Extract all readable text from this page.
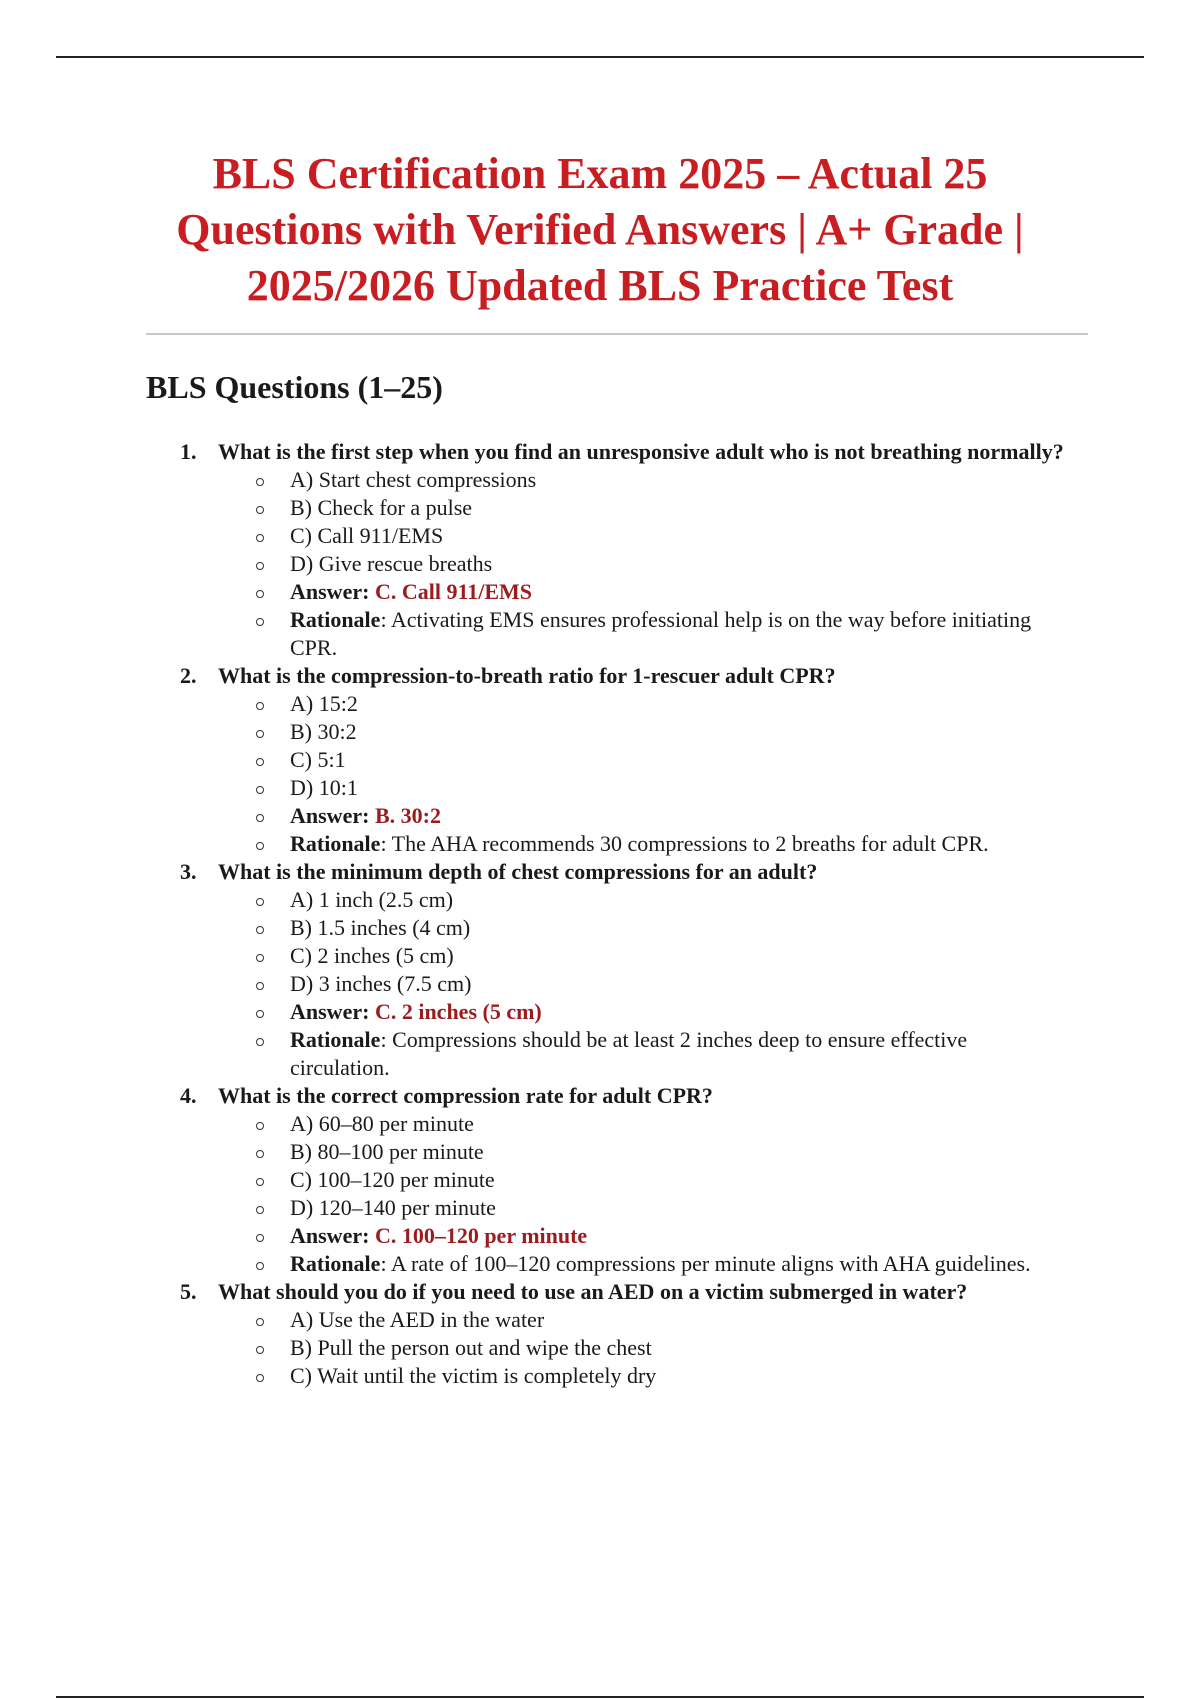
BLS Certification Exam 2025 – Actual 25 Questions with Verified Answers | A+ Grade | 2025/2026 Updated BLS Practice Test
BLS Questions (1–25)
1. What is the first step when you find an unresponsive adult who is not breathing normally?
A) Start chest compressions
B) Check for a pulse
C) Call 911/EMS
D) Give rescue breaths
Answer: C. Call 911/EMS
Rationale: Activating EMS ensures professional help is on the way before initiating CPR.
2. What is the compression-to-breath ratio for 1-rescuer adult CPR?
A) 15:2
B) 30:2
C) 5:1
D) 10:1
Answer: B. 30:2
Rationale: The AHA recommends 30 compressions to 2 breaths for adult CPR.
3. What is the minimum depth of chest compressions for an adult?
A) 1 inch (2.5 cm)
B) 1.5 inches (4 cm)
C) 2 inches (5 cm)
D) 3 inches (7.5 cm)
Answer: C. 2 inches (5 cm)
Rationale: Compressions should be at least 2 inches deep to ensure effective circulation.
4. What is the correct compression rate for adult CPR?
A) 60–80 per minute
B) 80–100 per minute
C) 100–120 per minute
D) 120–140 per minute
Answer: C. 100–120 per minute
Rationale: A rate of 100–120 compressions per minute aligns with AHA guidelines.
5. What should you do if you need to use an AED on a victim submerged in water?
A) Use the AED in the water
B) Pull the person out and wipe the chest
C) Wait until the victim is completely dry
